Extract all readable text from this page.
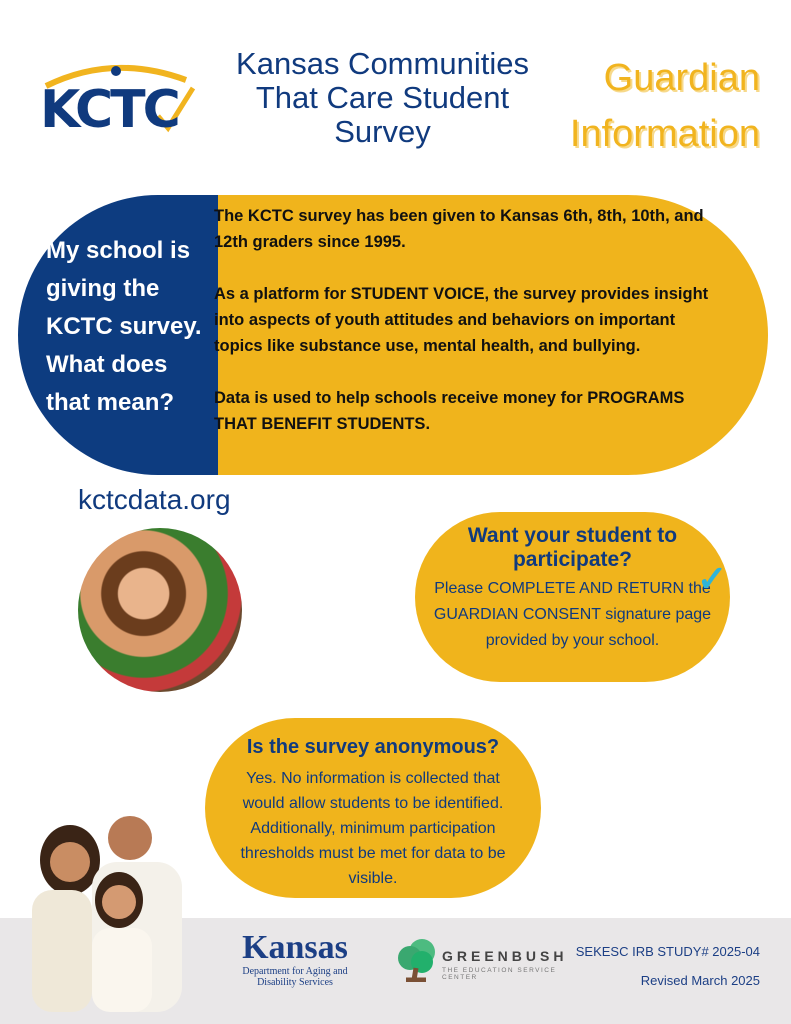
KCTC
Kansas Communities That Care Student Survey
Guardian
Information
My school is giving the KCTC survey. What does that mean?

The KCTC survey has been given to Kansas 6th, 8th, 10th, and 12th graders since 1995.

As a platform for STUDENT VOICE, the survey provides insight into aspects of youth attitudes and behaviors on important topics like substance use, mental health, and bullying.

Data is used to help schools receive money for PROGRAMS THAT BENEFIT STUDENTS.

kctcdata.org
Want your student to participate?

Please COMPLETE AND RETURN the GUARDIAN CONSENT signature page provided by your school.

✓
Is the survey anonymous?

Yes. No information is collected that would allow students to be identified. Additionally, minimum participation thresholds must be met for data to be visible.

Kansas
Department for Aging and Disability Services
GREENBUSH
THE EDUCATION SERVICE CENTER
SEKESC IRB STUDY# 2025-04
Revised March 2025
